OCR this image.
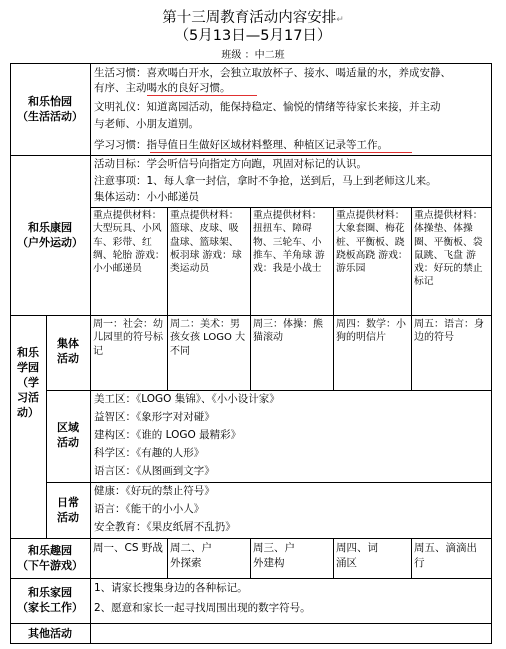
第十三周教育活动内容安排↵
（5月13日—5月17日）
班级 ：中二班
和乐怡园
（生活活动）
生活习惯：喜欢喝白开水，会独立取放杯子、接水、喝适量的水，养成安静、
有序、主动喝水的良好习惯。
文明礼仪：知道离园活动，能保持稳定、愉悦的情绪等待家长来接，并主动
与老师、小朋友道别。
学习习惯：指导值日生做好区域材料整理、种植区记录等工作。
和乐康园
（户外运动）
活动目标：学会听信号向指定方向跑，巩固对标记的认识。
注意事项：1、每人拿一封信，拿时不争抢，送到后，马上到老师这儿来。
集体运动：小小邮递员
重点提供材料：大型玩具、小风车、彩带、红绸、轮胎 游戏：小小邮递员
重点提供材料：篮球、皮球、吸盘球、篮球架、板羽球 游戏：球类运动员
重点提供材料：扭扭车、障碍物、三轮车、小推车、羊角球 游戏：我是小战士
重点提供材料：大象套圈、梅花桩、平衡板、跷跷板高跷 游戏：游乐园
重点提供材料：体操垫、体操圈、平衡板、袋鼠跳、飞盘 游戏：好玩的禁止标记
和乐学园（学习活动）
集体
活动
周一：社会：幼儿园里的符号标记
周二：美术：男孩女孩 LOGO 大不同
周三：体操：熊猫滚动
周四：数学：小狗的明信片
周五：语言：身边的符号
区域
活动
美工区：《LOGO 集锦》、《小小设计家》
益智区：《象形字对对碰》
建构区：《谁的 LOGO 最精彩》
科学区：《有趣的人形》
语言区：《从图画到文字》
日常
活动
健康：《好玩的禁止符号》
语言：《能干的小小人》
安全教育：《果皮纸屑不乱扔》
和乐趣园
（下午游戏）
周一、CS 野战 周二、户外探索
周三、户外建构
周四、词涌区
周五、滴滴出行
和乐家园
（家长工作）
1、请家长搜集身边的各种标记。
2、愿意和家长一起寻找周围出现的数字符号。
其他活动
